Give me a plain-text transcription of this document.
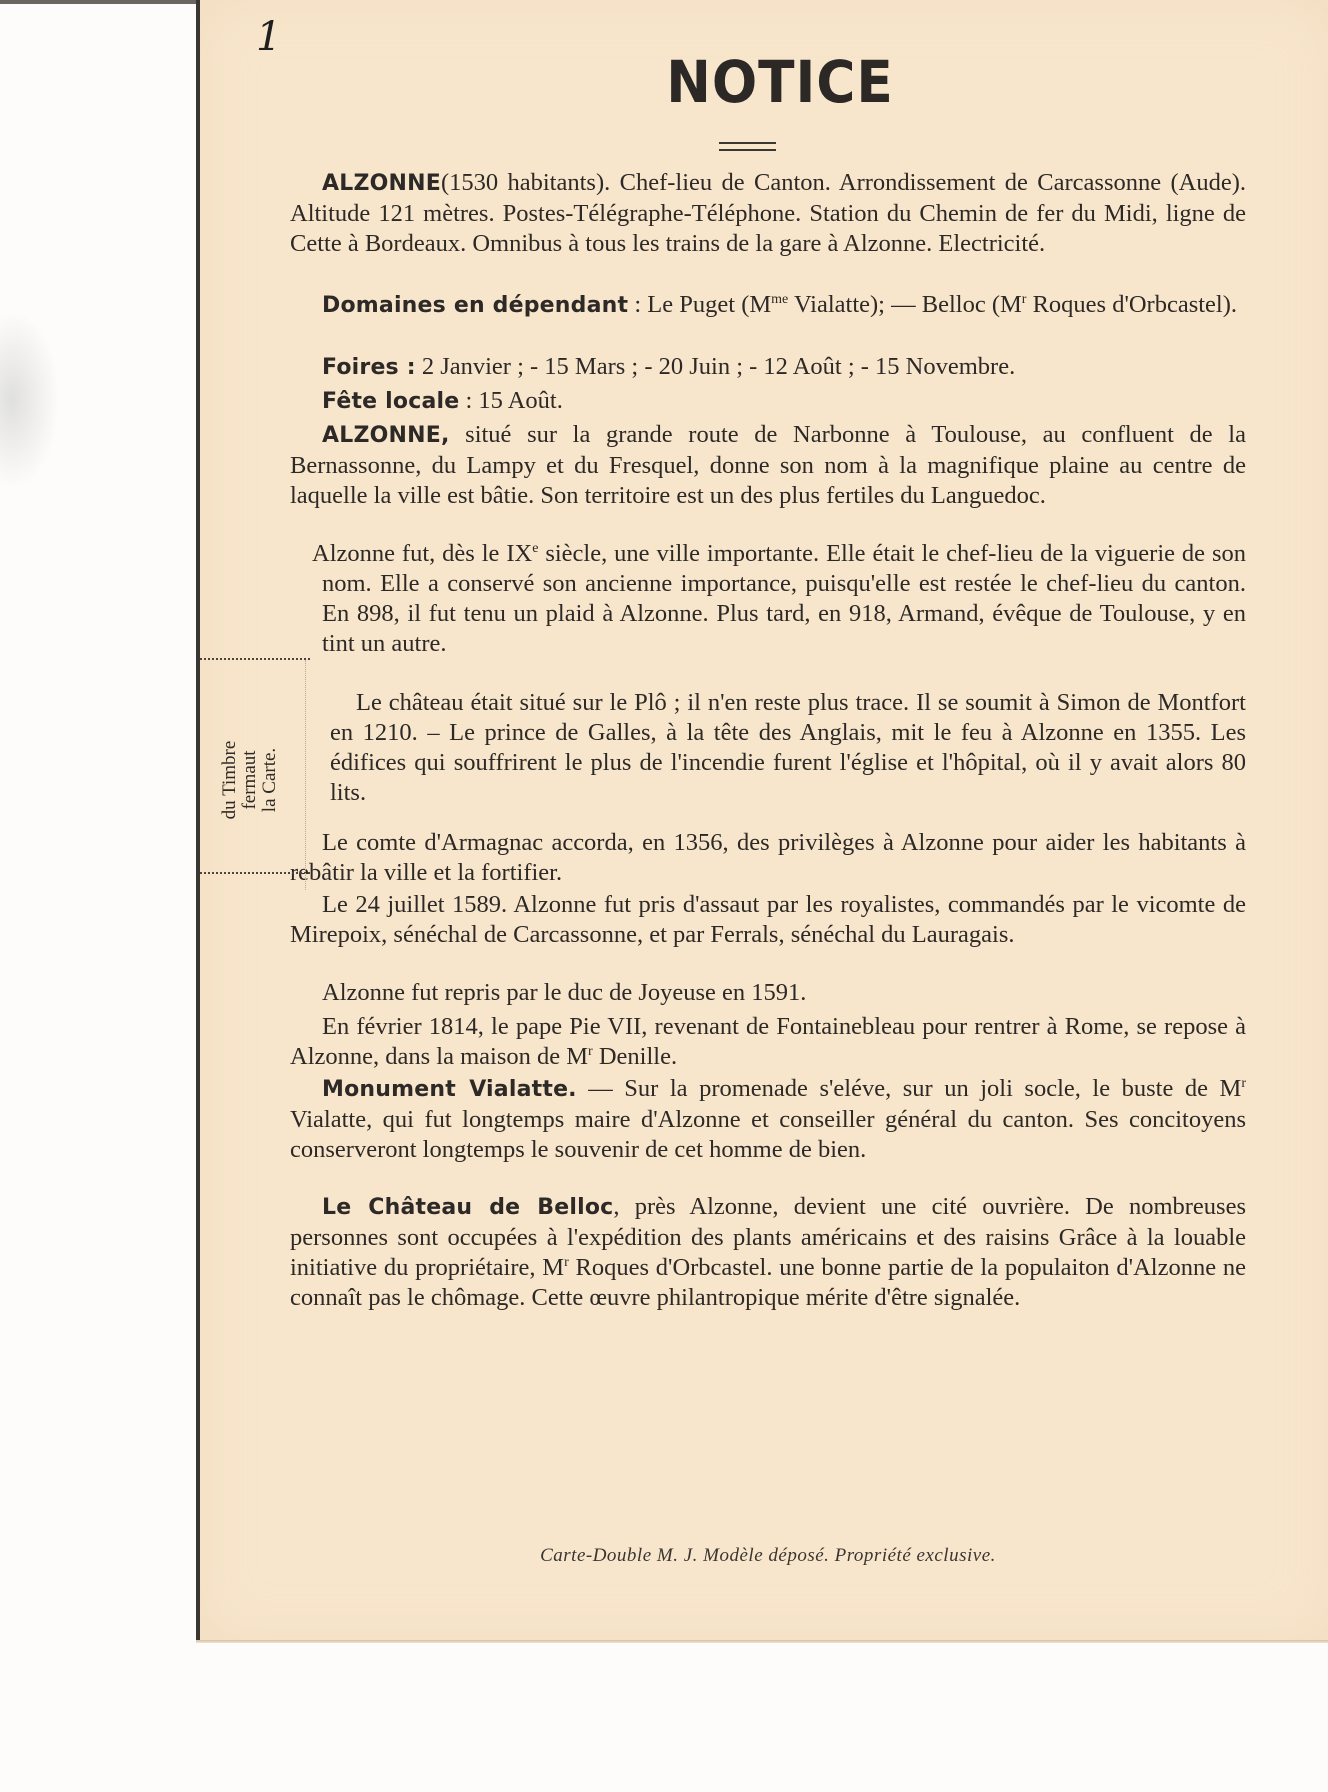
1
NOTICE

ALZONNE(1530 habitants). Chef-lieu de Canton. Arrondissement de Carcassonne (Aude). Altitude 121 mètres. Postes-Télégraphe-Téléphone. Station du Chemin de fer du Midi, ligne de Cette à Bordeaux. Omnibus à tous les trains de la gare à Alzonne. Electricité.

Domaines en dépendant : Le Puget ($M^{me}$ Vialatte); — Belloc ($M^r$ Roques d'Orbcastel).

Foires : 2 Janvier ; - 15 Mars ; - 20 Juin ; - 12 Août ; - 15 Novembre.

Fête locale : 15 Août.

ALZONNE, situé sur la grande route de Narbonne à Toulouse, au confluent de la Bernassonne, du Lampy et du Fresquel, donne son nom à la magnifique plaine au centre de laquelle la ville est bâtie. Son territoire est un des plus fertiles du Languedoc.

Alzonne fut, dès le IXe siècle, une ville importante. Elle était le chef-lieu de la viguerie de son nom. Elle a conservé son ancienne importance, puisqu'elle est restée le chef-lieu du canton. En 898, il fut tenu un plaid à Alzonne. Plus tard, en 918, Armand, évêque de Toulouse, y en tint un autre.

Le château était situé sur le Plô ; il n'en reste plus trace. Il se soumit à Simon de Montfort en 1210. – Le prince de Galles, à la tête des Anglais, mit le feu à Alzonne en 1355. Les édifices qui souffrirent le plus de l'incendie furent l'église et l'hôpital, où il y avait alors 80 lits.

Le comte d'Armagnac accorda, en 1356, des privilèges à Alzonne pour aider les habitants à rebâtir la ville et la fortifier.

Le 24 juillet 1589. Alzonne fut pris d'assaut par les royalistes, commandés par le vicomte de Mirepoix, sénéchal de Carcassonne, et par Ferrals, sénéchal du Lauragais.

Alzonne fut repris par le duc de Joyeuse en 1591.

En février 1814, le pape Pie VII, revenant de Fontainebleau pour rentrer à Rome, se repose à Alzonne, dans la maison de $M^r$ Denille.

Monument Vialatte. — Sur la promenade s'eléve, sur un joli socle, le buste de $M^r$ Vialatte, qui fut longtemps maire d'Alzonne et conseiller général du canton. Ses concitoyens conserveront longtemps le souvenir de cet homme de bien.

Le Château de Belloc, près Alzonne, devient une cité ouvrière. De nombreuses personnes sont occupées à l'expédition des plants américains et des raisins Grâce à la louable initiative du propriétaire, $M^r$ Roques d'Orbcastel. une bonne partie de la populaiton d'Alzonne ne connaît pas le chômage. Cette œuvre philantropique mérite d'être signalée.

du Timbre fermaut la Carte.
Carte-Double M. J. Modèle déposé. Propriété exclusive.
